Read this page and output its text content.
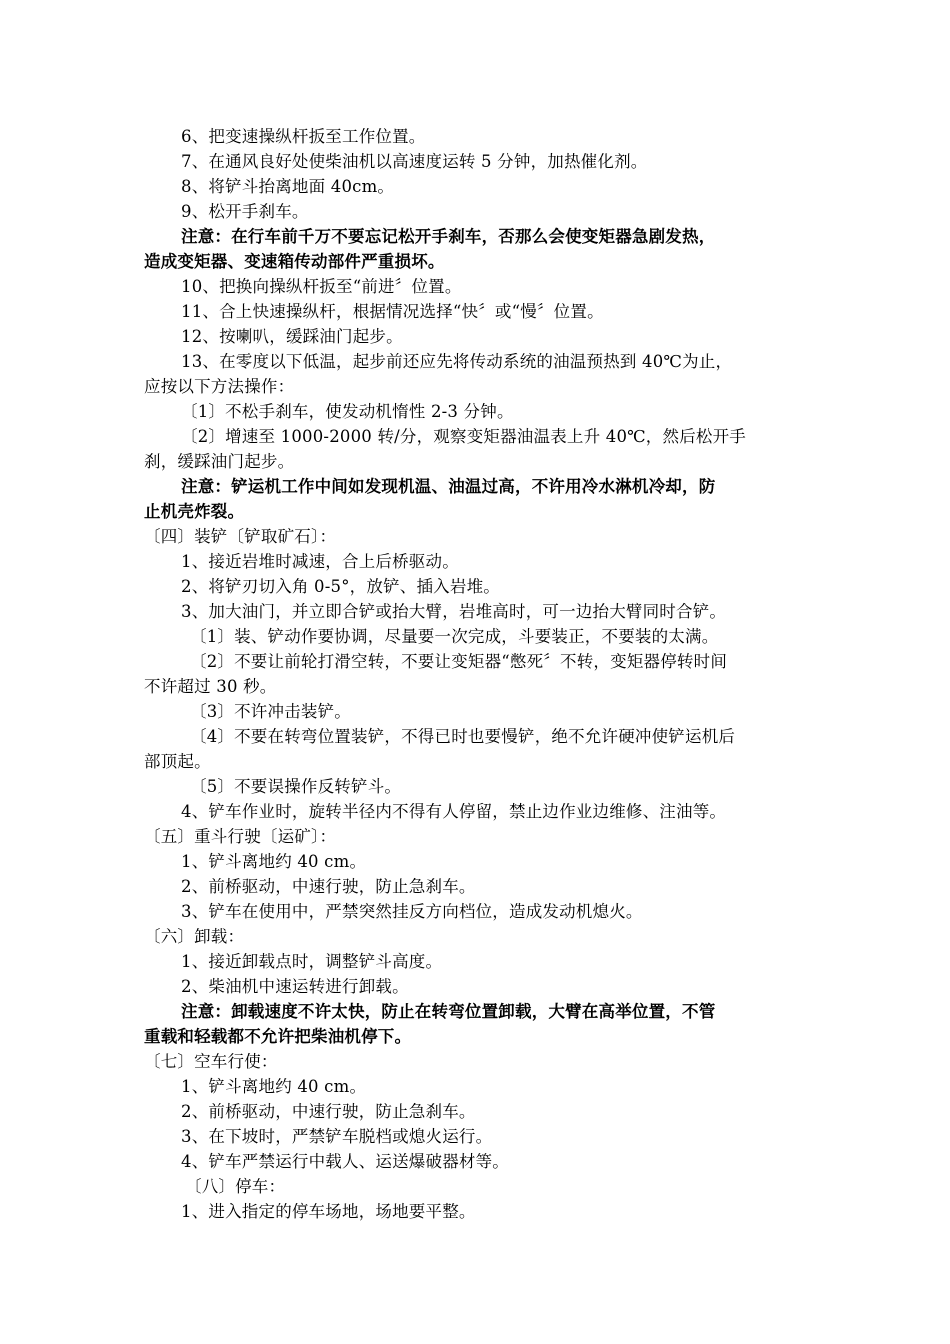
6、把变速操纵杆扳至工作位置。
7、在通风良好处使柴油机以高速度运转 5 分钟，加热催化剂。
8、将铲斗抬离地面 40cm。
9、松开手刹车。
注意：在行车前千万不要忘记松开手刹车，否那么会使变矩器急剧发热，
造成变矩器、变速箱传动部件严重损坏。
10、把换向操纵杆扳至“前进〞位置。
11、合上快速操纵杆，根据情况选择“快〞或“慢〞位置。
12、按喇叭，缓踩油门起步。
13、在零度以下低温，起步前还应先将传动系统的油温预热到 40℃为止，
应按以下方法操作：
〔1〕不松手刹车，使发动机惰性 2-3 分钟。
〔2〕增速至 1000-2000 转/分，观察变矩器油温表上升 40℃，然后松开手
刹，缓踩油门起步。
注意：铲运机工作中间如发现机温、油温过高，不许用冷水淋机冷却，防
止机壳炸裂。
〔四〕装铲〔铲取矿石〕：
1、接近岩堆时减速，合上后桥驱动。
2、将铲刃切入角 0-5°，放铲、插入岩堆。
3、加大油门，并立即合铲或抬大臂，岩堆高时，可一边抬大臂同时合铲。
〔1〕装、铲动作要协调，尽量要一次完成，斗要装正，不要装的太满。
〔2〕不要让前轮打滑空转，不要让变矩器“憋死〞不转，变矩器停转时间
不许超过 30 秒。
〔3〕不许冲击装铲。
〔4〕不要在转弯位置装铲，不得已时也要慢铲，绝不允许硬冲使铲运机后
部顶起。
〔5〕不要误操作反转铲斗。
4、铲车作业时，旋转半径内不得有人停留，禁止边作业边维修、注油等。
〔五〕重斗行驶〔运矿〕：
1、铲斗离地约 40 cm。
2、前桥驱动，中速行驶，防止急刹车。
3、铲车在使用中，严禁突然挂反方向档位，造成发动机熄火。
〔六〕卸载：
1、接近卸载点时，调整铲斗高度。
2、柴油机中速运转进行卸载。
注意：卸载速度不许太快，防止在转弯位置卸载，大臂在高举位置，不管
重载和轻载都不允许把柴油机停下。
〔七〕空车行使：
1、铲斗离地约 40 cm。
2、前桥驱动，中速行驶，防止急刹车。
3、在下坡时，严禁铲车脱档或熄火运行。
4、铲车严禁运行中载人、运送爆破器材等。
〔八〕停车：
1、进入指定的停车场地，场地要平整。
